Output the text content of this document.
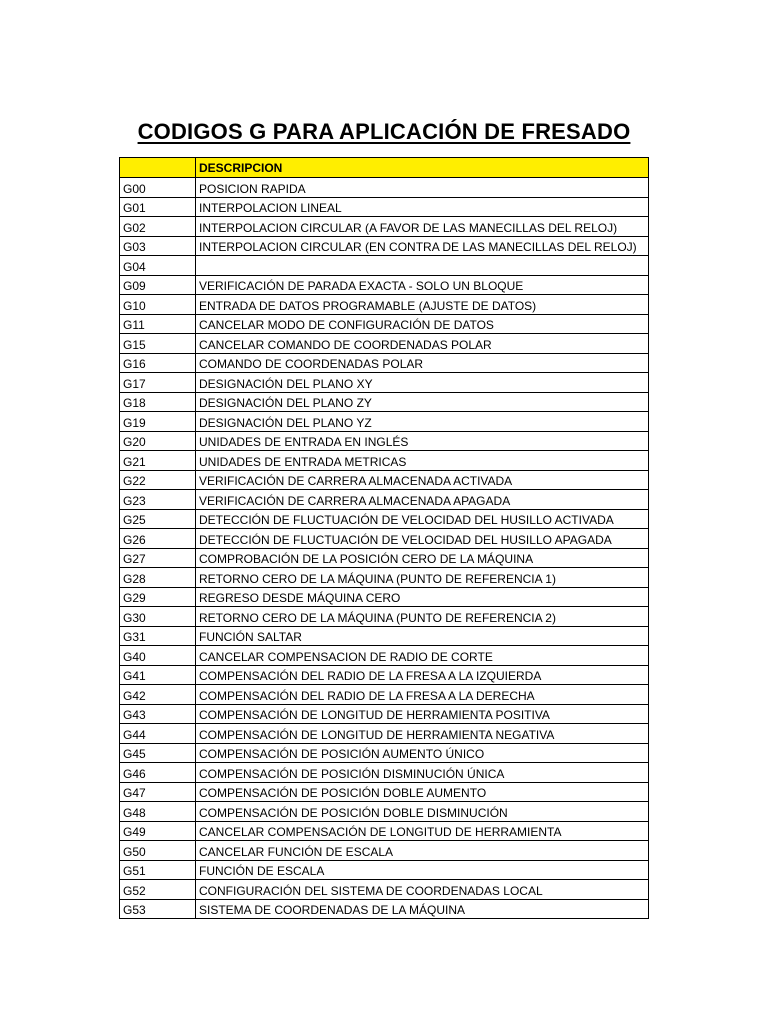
CODIGOS G PARA APLICACIÓN DE FRESADO
	DESCRIPCION
G00	POSICION RAPIDA
G01	INTERPOLACION LINEAL
G02	INTERPOLACION CIRCULAR (A FAVOR DE LAS MANECILLAS DEL RELOJ)
G03	INTERPOLACION CIRCULAR (EN CONTRA DE LAS MANECILLAS DEL RELOJ)
G04	
G09	VERIFICACIÓN DE PARADA EXACTA - SOLO UN BLOQUE
G10	ENTRADA DE DATOS PROGRAMABLE (AJUSTE DE DATOS)
G11	CANCELAR MODO DE CONFIGURACIÓN DE DATOS
G15	CANCELAR COMANDO DE COORDENADAS POLAR
G16	COMANDO DE COORDENADAS POLAR
G17	DESIGNACIÓN DEL PLANO XY
G18	DESIGNACIÓN DEL PLANO ZY
G19	DESIGNACIÓN DEL PLANO YZ
G20	UNIDADES DE ENTRADA EN INGLÉS
G21	UNIDADES DE ENTRADA METRICAS
G22	VERIFICACIÓN DE CARRERA ALMACENADA ACTIVADA
G23	VERIFICACIÓN DE CARRERA ALMACENADA APAGADA
G25	DETECCIÓN DE FLUCTUACIÓN DE VELOCIDAD DEL HUSILLO ACTIVADA
G26	DETECCIÓN DE FLUCTUACIÓN DE VELOCIDAD DEL HUSILLO APAGADA
G27	COMPROBACIÓN DE LA POSICIÓN CERO DE LA MÁQUINA
G28	RETORNO CERO DE LA MÁQUINA (PUNTO DE REFERENCIA 1)
G29	REGRESO DESDE MÁQUINA CERO
G30	RETORNO CERO DE LA MÁQUINA (PUNTO DE REFERENCIA 2)
G31	FUNCIÓN SALTAR
G40	CANCELAR COMPENSACION DE RADIO DE CORTE
G41	COMPENSACIÓN DEL RADIO DE LA FRESA A LA IZQUIERDA
G42	COMPENSACIÓN DEL RADIO DE LA FRESA A LA DERECHA
G43	COMPENSACIÓN DE LONGITUD DE HERRAMIENTA POSITIVA
G44	COMPENSACIÓN DE LONGITUD DE HERRAMIENTA NEGATIVA
G45	COMPENSACIÓN DE POSICIÓN AUMENTO ÚNICO
G46	COMPENSACIÓN DE POSICIÓN DISMINUCIÓN ÚNICA
G47	COMPENSACIÓN DE POSICIÓN DOBLE AUMENTO
G48	COMPENSACIÓN DE POSICIÓN DOBLE DISMINUCIÓN
G49	CANCELAR COMPENSACIÓN DE LONGITUD DE HERRAMIENTA
G50	CANCELAR FUNCIÓN DE ESCALA
G51	FUNCIÓN DE ESCALA
G52	CONFIGURACIÓN DEL SISTEMA DE COORDENADAS LOCAL
G53	SISTEMA DE COORDENADAS DE LA MÁQUINA
